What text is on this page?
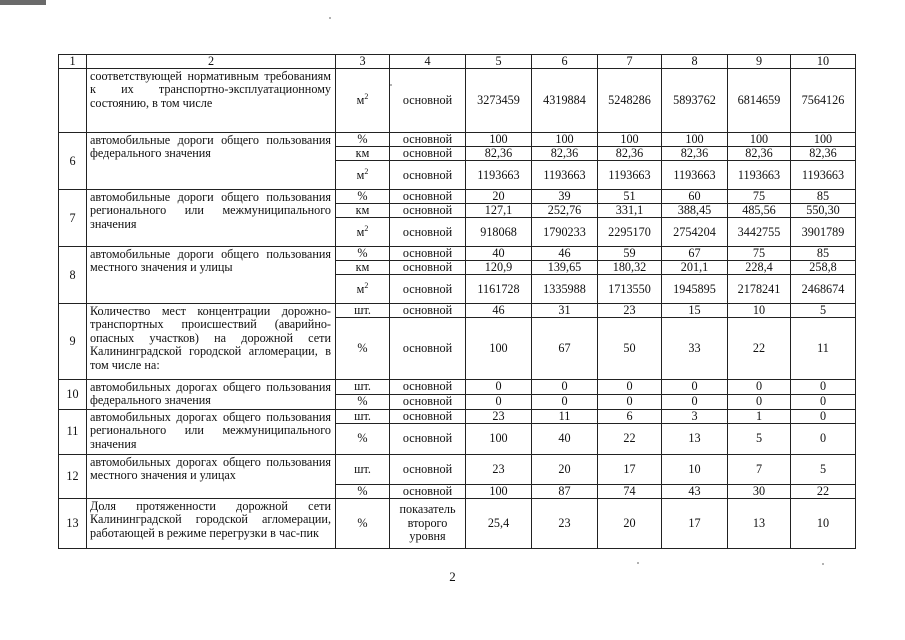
1	2	3	4	5	6	7	8	9	10
	соответствующей нормативным требованиям к их транспортно-эксплуатационному состоянию, в том числе	$м^2$	основной	3273459	4319884	5248286	5893762	6814659	7564126
6	автомобильные дороги общего пользования федерального значения	%	основной	100	100	100	100	100	100
		км	основной	82,36	82,36	82,36	82,36	82,36	82,36
		$м^2$	основной	1193663	1193663	1193663	1193663	1193663	1193663
7	автомобильные дороги общего пользования регионального или межмуниципального значения	%	основной	20	39	51	60	75	85
		км	основной	127,1	252,76	331,1	388,45	485,56	550,30
		$м^2$	основной	918068	1790233	2295170	2754204	3442755	3901789
8	автомобильные дороги общего пользования местного значения и улицы	%	основной	40	46	59	67	75	85
		км	основной	120,9	139,65	180,32	201,1	228,4	258,8
		$м^2$	основной	1161728	1335988	1713550	1945895	2178241	2468674
9	Количество мест концентрации дорожно-транспортных происшествий (аварийно-опасных участков) на дорожной сети Калининградской городской агломерации, в том числе на:	шт.	основной	46	31	23	15	10	5
		%	основной	100	67	50	33	22	11
10	автомобильных дорогах общего пользования федерального значения	шт.	основной	0	0	0	0	0	0
		%	основной	0	0	0	0	0	0
11	автомобильных дорогах общего пользования регионального или межмуниципального значения	шт.	основной	23	11	6	3	1	0
		%	основной	100	40	22	13	5	0
12	автомобильных дорогах общего пользования местного значения и улицах	шт.	основной	23	20	17	10	7	5
		%	основной	100	87	74	43	30	22
13	Доля протяженности дорожной сети Калининградской городской агломерации, работающей в режиме перегрузки в час-пик	%	показатель второго уровня	25,4	23	20	17	13	10
2
